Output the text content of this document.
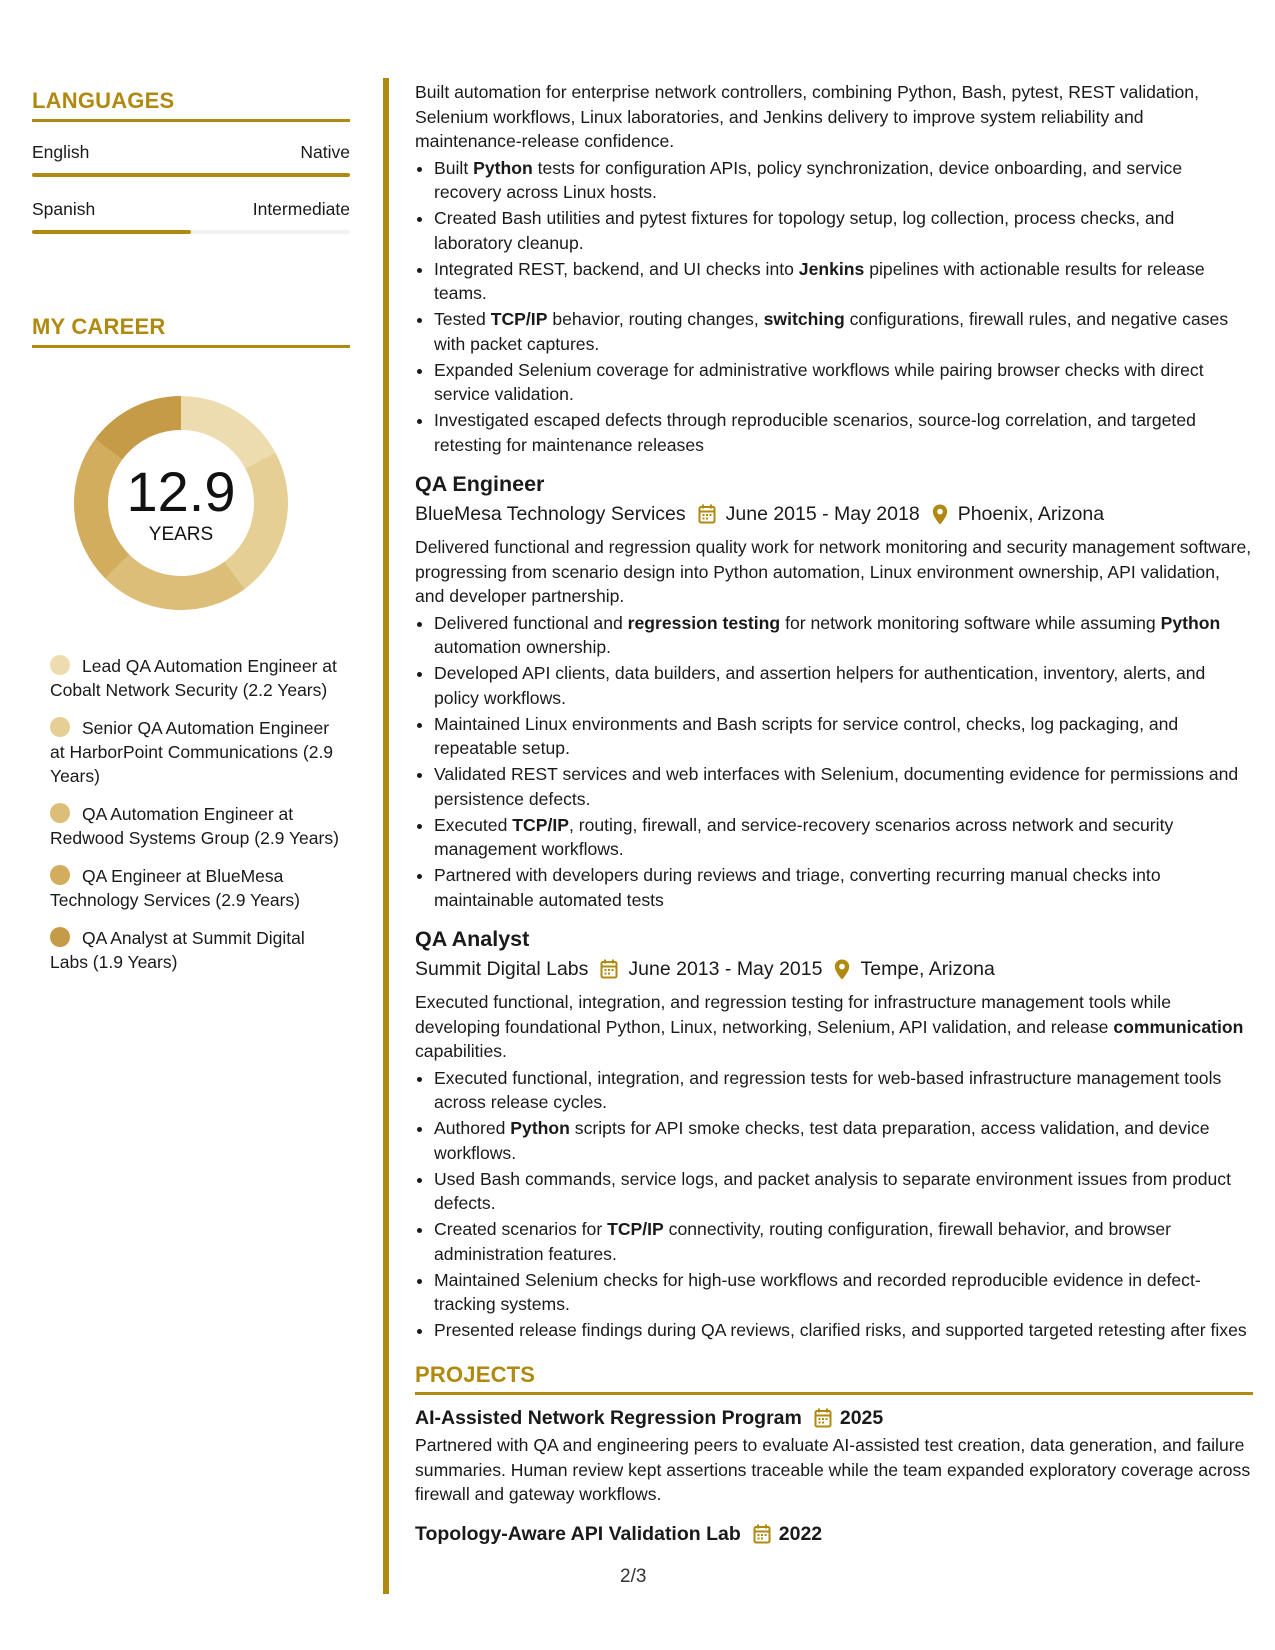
LANGUAGES
English	Native
Spanish	Intermediate
MY CAREER
12.9
YEARS
Lead QA Automation Engineer at Cobalt Network Security (2.2 Years)
Senior QA Automation Engineer at HarborPoint Communications (2.9 Years)
QA Automation Engineer at Redwood Systems Group (2.9 Years)
QA Engineer at BlueMesa Technology Services (2.9 Years)
QA Analyst at Summit Digital Labs (1.9 Years)

Built automation for enterprise network controllers, combining Python, Bash, pytest, REST validation, Selenium workflows, Linux laboratories, and Jenkins delivery to improve system reliability and maintenance-release confidence.

• Built Python tests for configuration APIs, policy synchronization, device onboarding, and service recovery across Linux hosts.
• Created Bash utilities and pytest fixtures for topology setup, log collection, process checks, and laboratory cleanup.
• Integrated REST, backend, and UI checks into Jenkins pipelines with actionable results for release teams.
• Tested TCP/IP behavior, routing changes, switching configurations, firewall rules, and negative cases with packet captures.
• Expanded Selenium coverage for administrative workflows while pairing browser checks with direct service validation.
• Investigated escaped defects through reproducible scenarios, source-log correlation, and targeted retesting for maintenance releases
QA Engineer
BlueMesa Technology Services June 2015 - May 2018 Phoenix, Arizona

Delivered functional and regression quality work for network monitoring and security management software, progressing from scenario design into Python automation, Linux environment ownership, API validation, and developer partnership.

• Delivered functional and regression testing for network monitoring software while assuming Python automation ownership.
• Developed API clients, data builders, and assertion helpers for authentication, inventory, alerts, and policy workflows.
• Maintained Linux environments and Bash scripts for service control, checks, log packaging, and repeatable setup.
• Validated REST services and web interfaces with Selenium, documenting evidence for permissions and persistence defects.
• Executed TCP/IP, routing, firewall, and service-recovery scenarios across network and security management workflows.
• Partnered with developers during reviews and triage, converting recurring manual checks into maintainable automated tests
QA Analyst
Summit Digital Labs June 2013 - May 2015 Tempe, Arizona

Executed functional, integration, and regression testing for infrastructure management tools while developing foundational Python, Linux, networking, Selenium, API validation, and release communication capabilities.

• Executed functional, integration, and regression tests for web-based infrastructure management tools across release cycles.
• Authored Python scripts for API smoke checks, test data preparation, access validation, and device workflows.
• Used Bash commands, service logs, and packet analysis to separate environment issues from product defects.
• Created scenarios for TCP/IP connectivity, routing configuration, firewall behavior, and browser administration features.
• Maintained Selenium checks for high-use workflows and recorded reproducible evidence in defect-tracking systems.
• Presented release findings during QA reviews, clarified risks, and supported targeted retesting after fixes
PROJECTS
AI-Assisted Network Regression Program 2025

Partnered with QA and engineering peers to evaluate AI-assisted test creation, data generation, and failure summaries. Human review kept assertions traceable while the team expanded exploratory coverage across firewall and gateway workflows.

Topology-Aware API Validation Lab 2022
2/3
